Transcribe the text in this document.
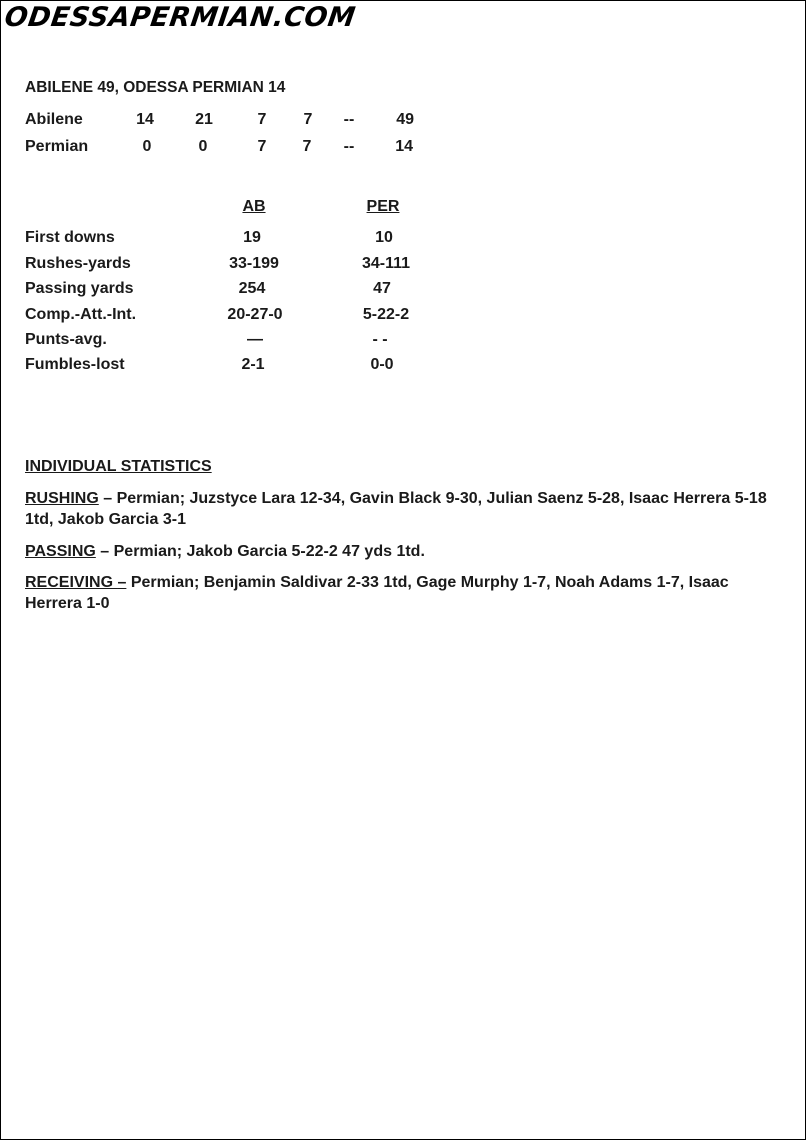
ODESSAPERMIAN.COM
ABILENE 49, ODESSA PERMIAN 14
Abilene	14	21	7	7	--	49
Permian	0	0	7	7	--	14
AB	PER
First downs	19	10
Rushes-yards	33-199	34-111
Passing yards	254	47
Comp.-Att.-Int.	20-27-0	5-22-2
Punts-avg.	—	- -
Fumbles-lost	2-1	0-0
INDIVIDUAL STATISTICS
RUSHING – Permian; Juzstyce Lara 12-34, Gavin Black 9-30, Julian Saenz 5-28, Isaac Herrera 5-18 1td, Jakob Garcia 3-1
PASSING – Permian; Jakob Garcia 5-22-2 47 yds 1td.
RECEIVING – Permian; Benjamin Saldivar 2-33 1td, Gage Murphy 1-7, Noah Adams 1-7, Isaac Herrera 1-0
